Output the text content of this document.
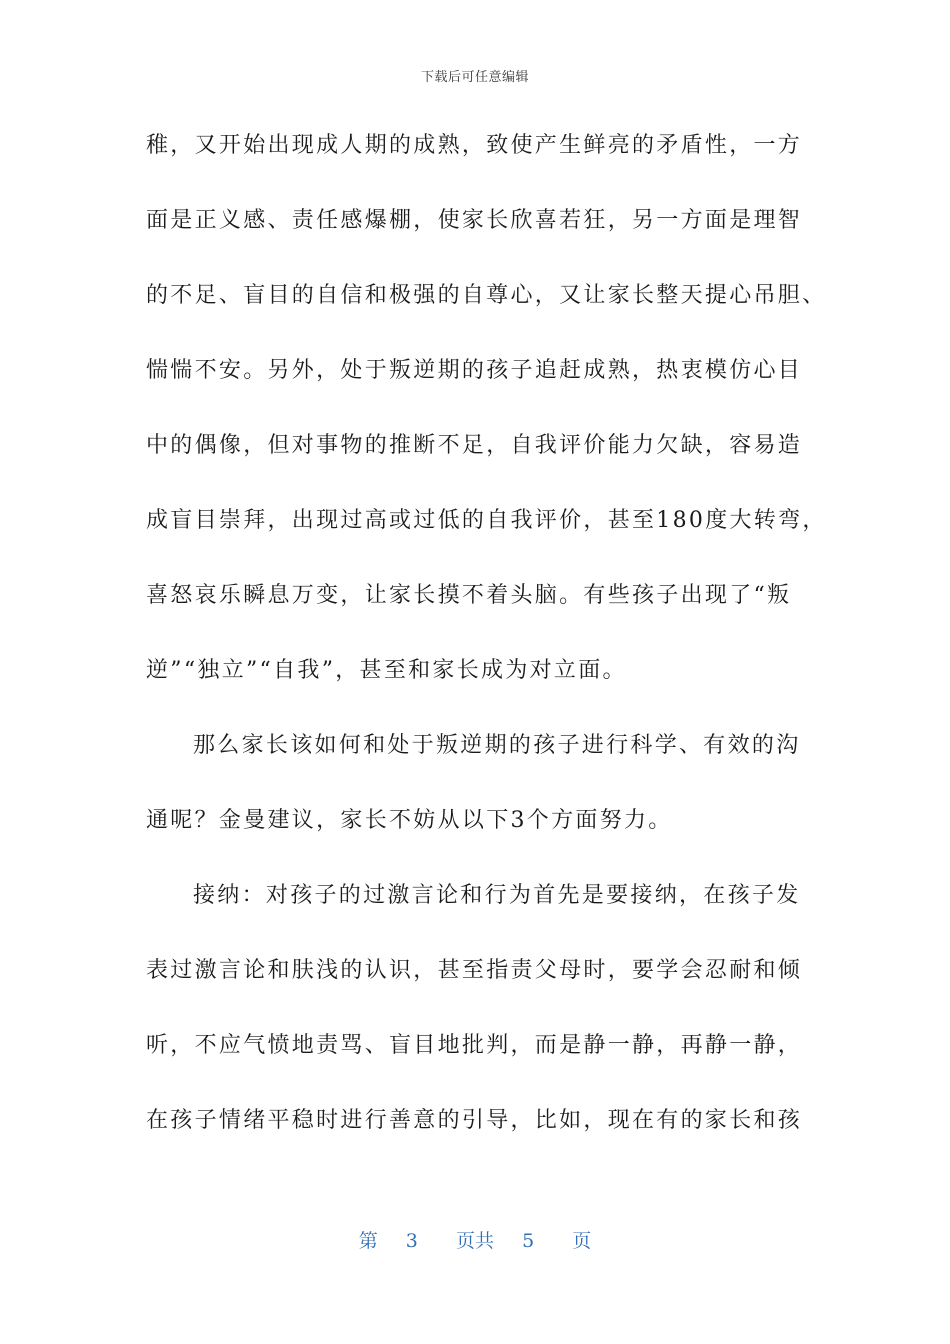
下载后可任意编辑
稚，又开始出现成人期的成熟，致使产生鲜亮的矛盾性，一方
面是正义感、责任感爆棚，使家长欣喜若狂，另一方面是理智
的不足、盲目的自信和极强的自尊心，又让家长整天提心吊胆、
惴惴不安。另外，处于叛逆期的孩子追赶成熟，热衷模仿心目
中的偶像，但对事物的推断不足，自我评价能力欠缺，容易造
成盲目崇拜，出现过高或过低的自我评价，甚至180度大转弯，
喜怒哀乐瞬息万变，让家长摸不着头脑。有些孩子出现了“叛
逆”“独立”“自我”，甚至和家长成为对立面。
那么家长该如何和处于叛逆期的孩子进行科学、有效的沟
通呢？金曼建议，家长不妨从以下3个方面努力。
接纳：对孩子的过激言论和行为首先是要接纳，在孩子发
表过激言论和肤浅的认识，甚至指责父母时，要学会忍耐和倾
听，不应气愤地责骂、盲目地批判，而是静一静，再静一静，
在孩子情绪平稳时进行善意的引导，比如，现在有的家长和孩
第 3 页共 5 页
